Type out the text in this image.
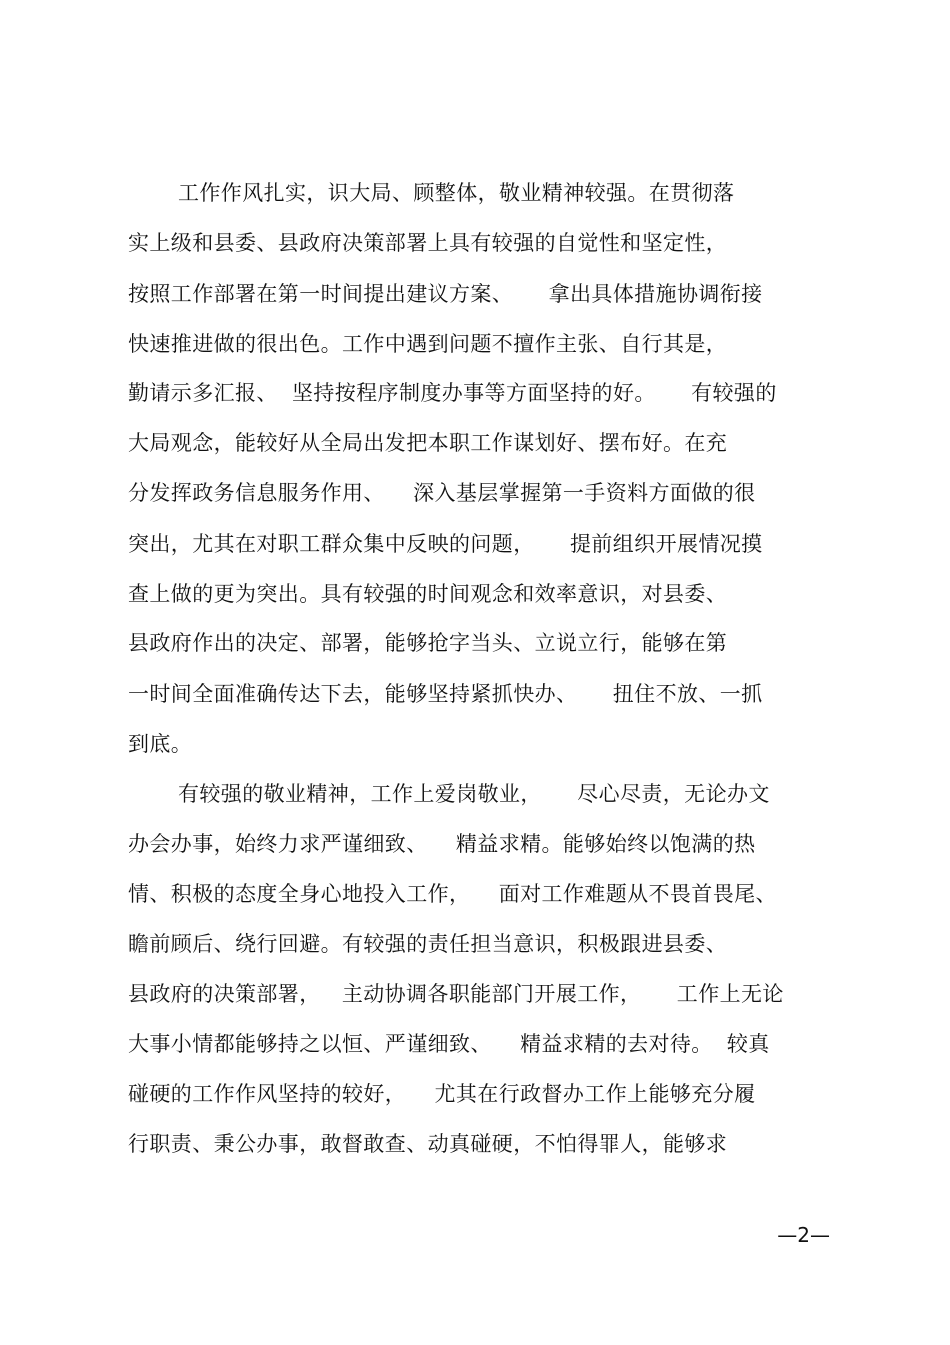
工作作风扎实，识大局、顾整体，敬业精神较强。在贯彻落
实上级和县委、县政府决策部署上具有较强的自觉性和坚定性，
按照工作部署在第一时间提出建议方案、     拿出具体措施协调衔接
快速推进做的很出色。工作中遇到问题不擅作主张、自行其是，
勤请示多汇报、  坚持按程序制度办事等方面坚持的好。     有较强的
大局观念，能较好从全局出发把本职工作谋划好、摆布好。在充
分发挥政务信息服务作用、    深入基层掌握第一手资料方面做的很
突出，尤其在对职工群众集中反映的问题，     提前组织开展情况摸
查上做的更为突出。具有较强的时间观念和效率意识，对县委、
县政府作出的决定、部署，能够抢字当头、立说立行，能够在第
一时间全面准确传达下去，能够坚持紧抓快办、     扭住不放、一抓
到底。
有较强的敬业精神，工作上爱岗敬业，     尽心尽责，无论办文
办会办事，始终力求严谨细致、    精益求精。能够始终以饱满的热
情、积极的态度全身心地投入工作，    面对工作难题从不畏首畏尾、
瞻前顾后、绕行回避。有较强的责任担当意识，积极跟进县委、
县政府的决策部署，   主动协调各职能部门开展工作，     工作上无论
大事小情都能够持之以恒、严谨细致、    精益求精的去对待。  较真
碰硬的工作作风坚持的较好，    尤其在行政督办工作上能够充分履
行职责、秉公办事，敢督敢查、动真碰硬，不怕得罪人，能够求
—2—
